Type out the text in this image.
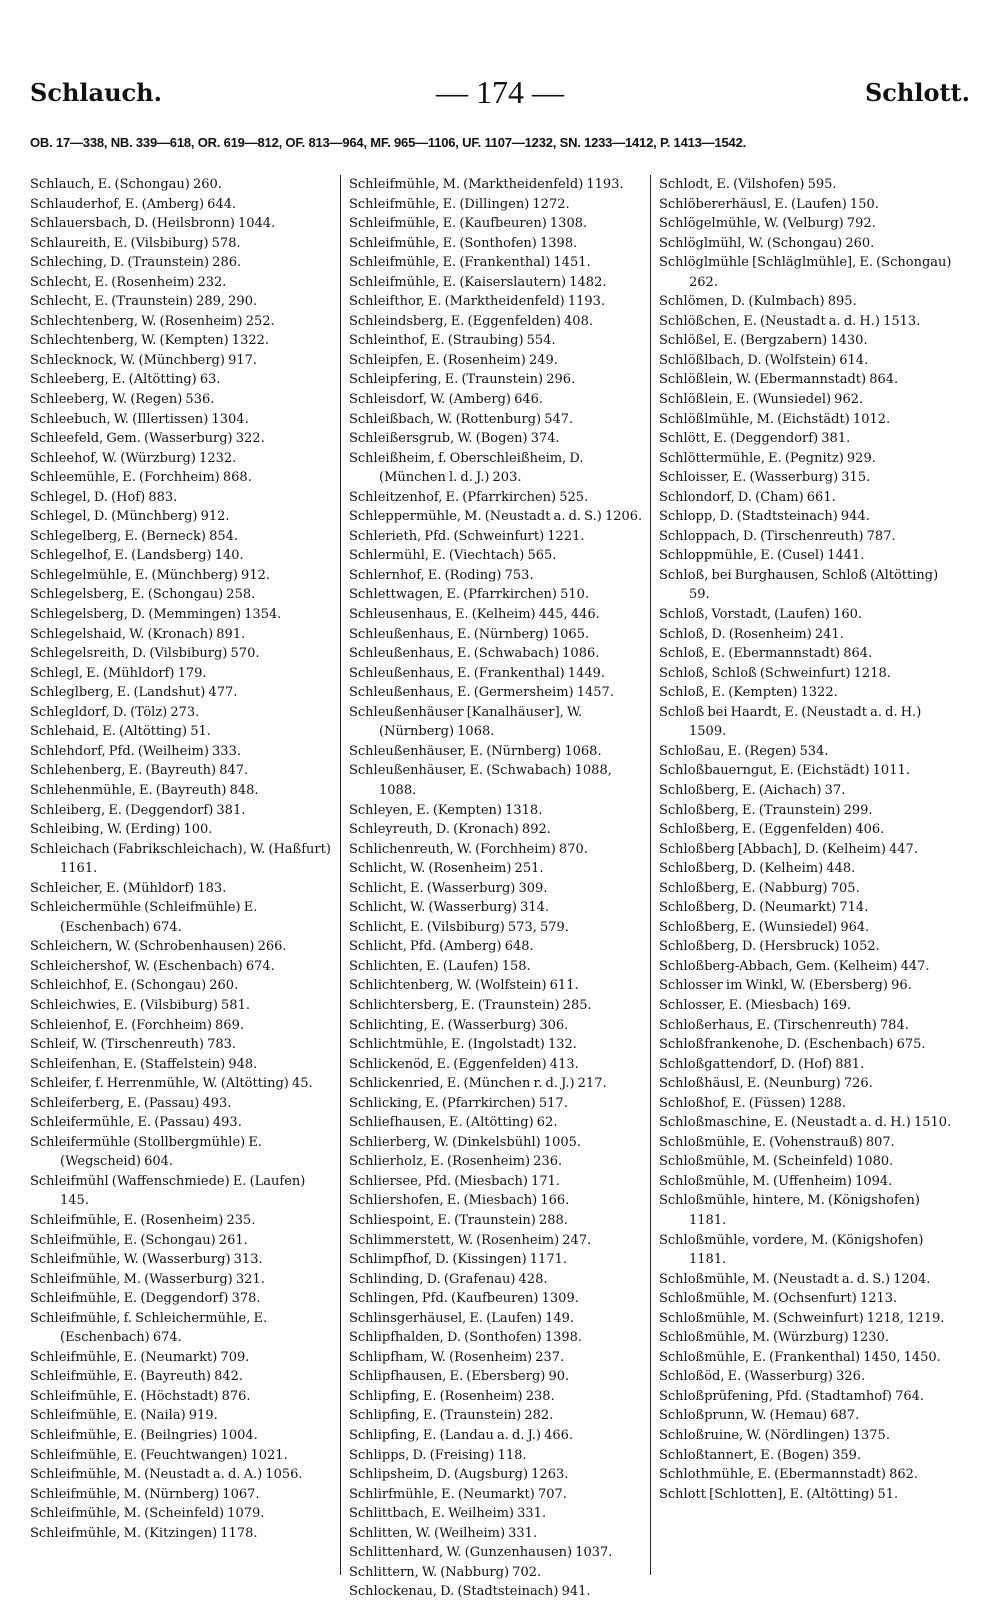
Schlauch.	— 174 —	Schlott.
OB. 17—338, NB. 339—618, OR. 619—812, OF. 813—964, MF. 965—1106, UF. 1107—1232, SN. 1233—1412, P. 1413—1542.
Schlauch, E. (Schongau) 260.
Schlauderhof, E. (Amberg) 644.
Schlauersbach, D. (Heilsbronn) 1044.
Schlaureith, E. (Vilsbiburg) 578.
Schleching, D. (Traunstein) 286.
Schlecht, E. (Rosenheim) 232.
Schlecht, E. (Traunstein) 289, 290.
Schlechtenberg, W. (Rosenheim) 252.
Schlechtenberg, W. (Kempten) 1322.
Schlecknock, W. (Münchberg) 917.
Schleeberg, E. (Altötting) 63.
Schleeberg, W. (Regen) 536.
Schleebuch, W. (Illertissen) 1304.
Schleefeld, Gem. (Wasserburg) 322.
Schleehof, W. (Würzburg) 1232.
Schleemühle, E. (Forchheim) 868.
Schlegel, D. (Hof) 883.
Schlegel, D. (Münchberg) 912.
Schlegelberg, E. (Berneck) 854.
Schlegelhof, E. (Landsberg) 140.
Schlegelmühle, E. (Münchberg) 912.
Schlegelsberg, E. (Schongau) 258.
Schlegelsberg, D. (Memmingen) 1354.
Schlegelshaid, W. (Kronach) 891.
Schlegelsreith, D. (Vilsbiburg) 570.
Schlegl, E. (Mühldorf) 179.
Schleglberg, E. (Landshut) 477.
Schlegldorf, D. (Tölz) 273.
Schlehaid, E. (Altötting) 51.
Schlehdorf, Pfd. (Weilheim) 333.
Schlehenberg, E. (Bayreuth) 847.
Schlehenmühle, E. (Bayreuth) 848.
Schleiberg, E. (Deggendorf) 381.
Schleibing, W. (Erding) 100.
Schleichach (Fabrikschleichach), W. (Haßfurt) 1161.
Schleicher, E. (Mühldorf) 183.
Schleichermühle (Schleifmühle) E. (Eschenbach) 674.
Schleichern, W. (Schrobenhausen) 266.
Schleichershof, W. (Eschenbach) 674.
Schleichhof, E. (Schongau) 260.
Schleichwies, E. (Vilsbiburg) 581.
Schleienhof, E. (Forchheim) 869.
Schleif, W. (Tirschenreuth) 783.
Schleifenhan, E. (Staffelstein) 948.
Schleifer, f. Herrenmühle, W. (Altötting) 45.
Schleiferberg, E. (Passau) 493.
Schleifermühle, E. (Passau) 493.
Schleifermühle (Stollbergmühle) E. (Wegscheid) 604.
Schleifmühl (Waffenschmiede) E. (Laufen) 145.
Schleifmühle, E. (Rosenheim) 235.
Schleifmühle, E. (Schongau) 261.
Schleifmühle, W. (Wasserburg) 313.
Schleifmühle, M. (Wasserburg) 321.
Schleifmühle, E. (Deggendorf) 378.
Schleifmühle, f. Schleichermühle, E. (Eschenbach) 674.
Schleifmühle, E. (Neumarkt) 709.
Schleifmühle, E. (Bayreuth) 842.
Schleifmühle, E. (Höchstadt) 876.
Schleifmühle, E. (Naila) 919.
Schleifmühle, E. (Beilngries) 1004.
Schleifmühle, E. (Feuchtwangen) 1021.
Schleifmühle, M. (Neustadt a. d. A.) 1056.
Schleifmühle, M. (Nürnberg) 1067.
Schleifmühle, M. (Scheinfeld) 1079.
Schleifmühle, M. (Kitzingen) 1178.
Schleifmühle, M. (Marktheidenfeld) 1193.
Schleifmühle, E. (Dillingen) 1272.
Schleifmühle, E. (Kaufbeuren) 1308.
Schleifmühle, E. (Sonthofen) 1398.
Schleifmühle, E. (Frankenthal) 1451.
Schleifmühle, E. (Kaiserslautern) 1482.
Schleifthor, E. (Marktheidenfeld) 1193.
Schleindsberg, E. (Eggenfelden) 408.
Schleinthof, E. (Straubing) 554.
Schleipfen, E. (Rosenheim) 249.
Schleipfering, E. (Traunstein) 296.
Schleisdorf, W. (Amberg) 646.
Schleißbach, W. (Rottenburg) 547.
Schleißersgrub, W. (Bogen) 374.
Schleißheim, f. Oberschleißheim, D. (München l. d. J.) 203.
Schleitzenhof, E. (Pfarrkirchen) 525.
Schleppermühle, M. (Neustadt a. d. S.) 1206.
Schlerieth, Pfd. (Schweinfurt) 1221.
Schlermühl, E. (Viechtach) 565.
Schlernhof, E. (Roding) 753.
Schlettwagen, E. (Pfarrkirchen) 510.
Schleusenhaus, E. (Kelheim) 445, 446.
Schleußenhaus, E. (Nürnberg) 1065.
Schleußenhaus, E. (Schwabach) 1086.
Schleußenhaus, E. (Frankenthal) 1449.
Schleußenhaus, E. (Germersheim) 1457.
Schleußenhäuser [Kanalhäuser], W. (Nürnberg) 1068.
Schleußenhäuser, E. (Nürnberg) 1068.
Schleußenhäuser, E. (Schwabach) 1088, 1088.
Schleyen, E. (Kempten) 1318.
Schleyreuth, D. (Kronach) 892.
Schlichenreuth, W. (Forchheim) 870.
Schlicht, W. (Rosenheim) 251.
Schlicht, E. (Wasserburg) 309.
Schlicht, W. (Wasserburg) 314.
Schlicht, E. (Vilsbiburg) 573, 579.
Schlicht, Pfd. (Amberg) 648.
Schlichten, E. (Laufen) 158.
Schlichtenberg, W. (Wolfstein) 611.
Schlichtersberg, E. (Traunstein) 285.
Schlichting, E. (Wasserburg) 306.
Schlichtmühle, E. (Ingolstadt) 132.
Schlickenöd, E. (Eggenfelden) 413.
Schlickenried, E. (München r. d. J.) 217.
Schlicking, E. (Pfarrkirchen) 517.
Schliefhausen, E. (Altötting) 62.
Schlierberg, W. (Dinkelsbühl) 1005.
Schlierholz, E. (Rosenheim) 236.
Schliersee, Pfd. (Miesbach) 171.
Schliershofen, E. (Miesbach) 166.
Schliespoint, E. (Traunstein) 288.
Schlimmerstett, W. (Rosenheim) 247.
Schlimpfhof, D. (Kissingen) 1171.
Schlinding, D. (Grafenau) 428.
Schlingen, Pfd. (Kaufbeuren) 1309.
Schlinsgerhäusel, E. (Laufen) 149.
Schlipfhalden, D. (Sonthofen) 1398.
Schlipfham, W. (Rosenheim) 237.
Schlipfhausen, E. (Ebersberg) 90.
Schlipfing, E. (Rosenheim) 238.
Schlipfing, E. (Traunstein) 282.
Schlipfing, E. (Landau a. d. J.) 466.
Schlipps, D. (Freising) 118.
Schlipsheim, D. (Augsburg) 1263.
Schlirfmühle, E. (Neumarkt) 707.
Schlittbach, E. Weilheim) 331.
Schlitten, W. (Weilheim) 331.
Schlittenhard, W. (Gunzenhausen) 1037.
Schlittern, W. (Nabburg) 702.
Schlockenau, D. (Stadtsteinach) 941.
Schlodt, E. (Vilshofen) 595.
Schlöbererhäusl, E. (Laufen) 150.
Schlögelmühle, W. (Velburg) 792.
Schlöglmühl, W. (Schongau) 260.
Schlöglmühle [Schläglmühle], E. (Schongau) 262.
Schlömen, D. (Kulmbach) 895.
Schlößchen, E. (Neustadt a. d. H.) 1513.
Schlößel, E. (Bergzabern) 1430.
Schlößlbach, D. (Wolfstein) 614.
Schlößlein, W. (Ebermannstadt) 864.
Schlößlein, E. (Wunsiedel) 962.
Schlößlmühle, M. (Eichstädt) 1012.
Schlött, E. (Deggendorf) 381.
Schlöttermühle, E. (Pegnitz) 929.
Schloisser, E. (Wasserburg) 315.
Schlondorf, D. (Cham) 661.
Schlopp, D. (Stadtsteinach) 944.
Schloppach, D. (Tirschenreuth) 787.
Schloppmühle, E. (Cusel) 1441.
Schloß, bei Burghausen, Schloß (Altötting) 59.
Schloß, Vorstadt, (Laufen) 160.
Schloß, D. (Rosenheim) 241.
Schloß, E. (Ebermannstadt) 864.
Schloß, Schloß (Schweinfurt) 1218.
Schloß, E. (Kempten) 1322.
Schloß bei Haardt, E. (Neustadt a. d. H.) 1509.
Schloßau, E. (Regen) 534.
Schloßbauerngut, E. (Eichstädt) 1011.
Schloßberg, E. (Aichach) 37.
Schloßberg, E. (Traunstein) 299.
Schloßberg, E. (Eggenfelden) 406.
Schloßberg [Abbach], D. (Kelheim) 447.
Schloßberg, D. (Kelheim) 448.
Schloßberg, E. (Nabburg) 705.
Schloßberg, D. (Neumarkt) 714.
Schloßberg, E. (Wunsiedel) 964.
Schloßberg, D. (Hersbruck) 1052.
Schloßberg-Abbach, Gem. (Kelheim) 447.
Schlosser im Winkl, W. (Ebersberg) 96.
Schlosser, E. (Miesbach) 169.
Schloßerhaus, E. (Tirschenreuth) 784.
Schloßfrankenohe, D. (Eschenbach) 675.
Schloßgattendorf, D. (Hof) 881.
Schloßhäusl, E. (Neunburg) 726.
Schloßhof, E. (Füssen) 1288.
Schloßmaschine, E. (Neustadt a. d. H.) 1510.
Schloßmühle, E. (Vohenstrauß) 807.
Schloßmühle, M. (Scheinfeld) 1080.
Schloßmühle, M. (Uffenheim) 1094.
Schloßmühle, hintere, M. (Königshofen) 1181.
Schloßmühle, vordere, M. (Königshofen) 1181.
Schloßmühle, M. (Neustadt a. d. S.) 1204.
Schloßmühle, M. (Ochsenfurt) 1213.
Schloßmühle, M. (Schweinfurt) 1218, 1219.
Schloßmühle, M. (Würzburg) 1230.
Schloßmühle, E. (Frankenthal) 1450, 1450.
Schloßöd, E. (Wasserburg) 326.
Schloßprüfening, Pfd. (Stadtamhof) 764.
Schloßprunn, W. (Hemau) 687.
Schloßruine, W. (Nördlingen) 1375.
Schloßtannert, E. (Bogen) 359.
Schlothmühle, E. (Ebermannstadt) 862.
Schlott [Schlotten], E. (Altötting) 51.
